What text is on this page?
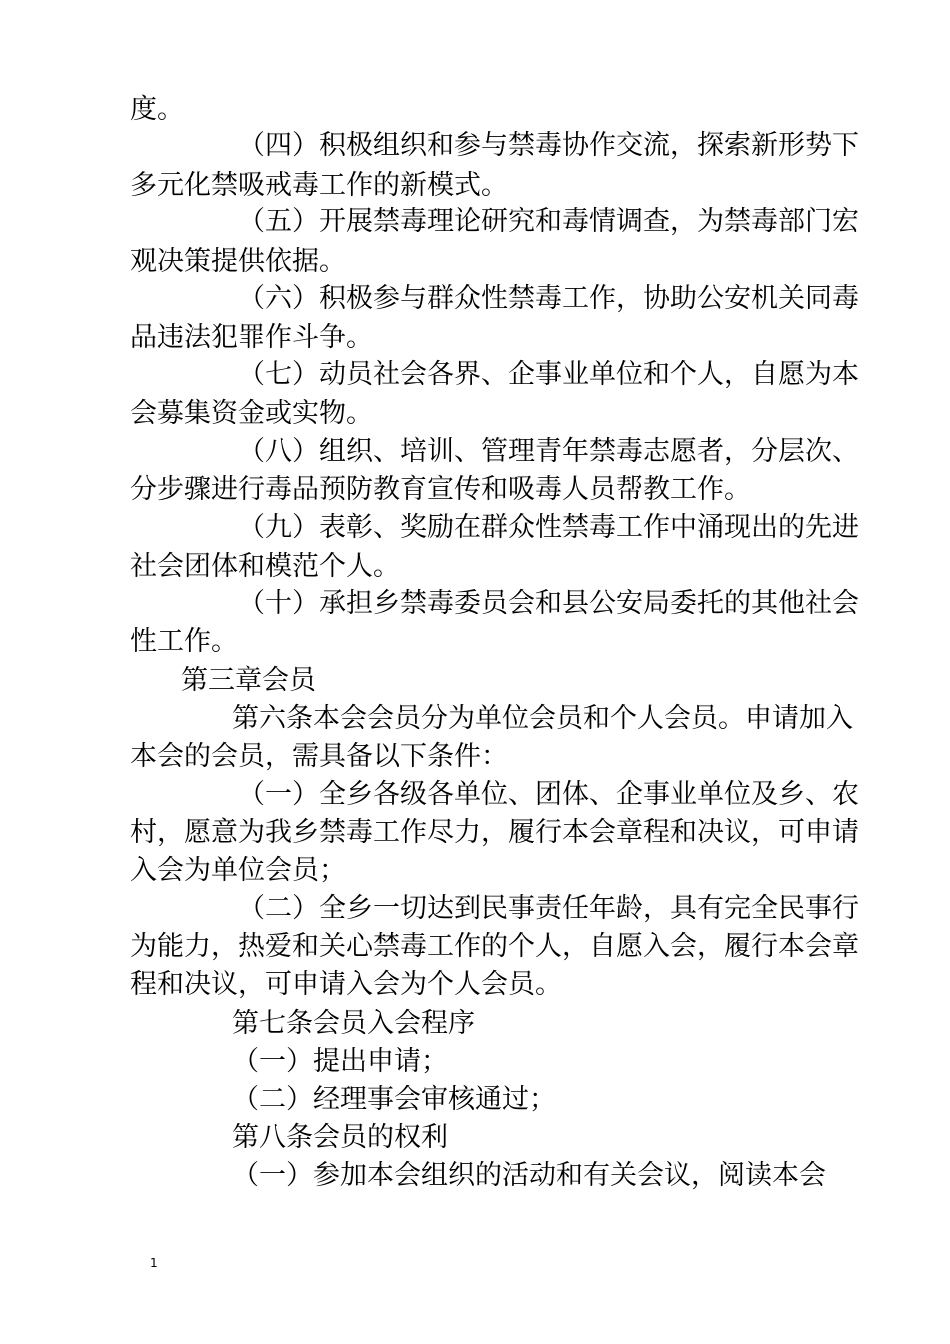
度。
（ 四 ） 积 极 组 织 和 参 与 禁 毒 协 作 交 流 ， 探 索 新 形 势 下
多元化禁吸戒毒工作的新模式。
（ 五 ） 开 展 禁 毒 理 论 研 究 和 毒 情 调 查 ， 为 禁 毒 部 门 宏
观决策提供依据。
（ 六 ） 积 极 参 与 群 众 性 禁 毒 工 作 ， 协 助 公 安 机 关 同 毒
品违法犯罪作斗争。
（ 七 ） 动 员 社 会 各 界 、 企 事 业 单 位 和 个 人 ， 自 愿 为 本
会募集资金或实物。
（八）组织、培训、管理青年禁毒志愿者，分层次、
分步骤进行毒品预防教育宣传和吸毒人员帮教工作。
（ 九 ） 表 彰 、 奖 励 在 群 众 性 禁 毒 工 作 中 涌 现 出 的 先 进
社会团体和模范个人。
（ 十 ） 承 担 乡 禁 毒 委 员 会 和 县 公 安 局 委 托 的 其 他 社 会
性工作。
第三章会员
第六条本会会员分为单位会员和个人会员。申请加入
本会的会员，需具备以下条件：
（ 一 ） 全 乡 各 级 各 单 位 、 团 体 、 企 事 业 单 位 及 乡 、 农
村 ， 愿 意 为 我 乡 禁 毒 工 作 尽 力 ， 履 行 本 会 章 程 和 决 议 ， 可 申 请
入会为单位会员；
（ 二 ） 全 乡 一 切 达 到 民 事 责 任 年 龄 ， 具 有 完 全 民 事 行
为 能 力 ， 热 爱 和 关 心 禁 毒 工 作 的 个 人 ， 自 愿 入 会 ， 履 行 本 会 章
程和决议，可申请入会为个人会员。
第七条会员入会程序
（一）提出申请；
（二）经理事会审核通过；
第八条会员的权利
（一）参加本会组织的活动和有关会议，阅读本会
1
